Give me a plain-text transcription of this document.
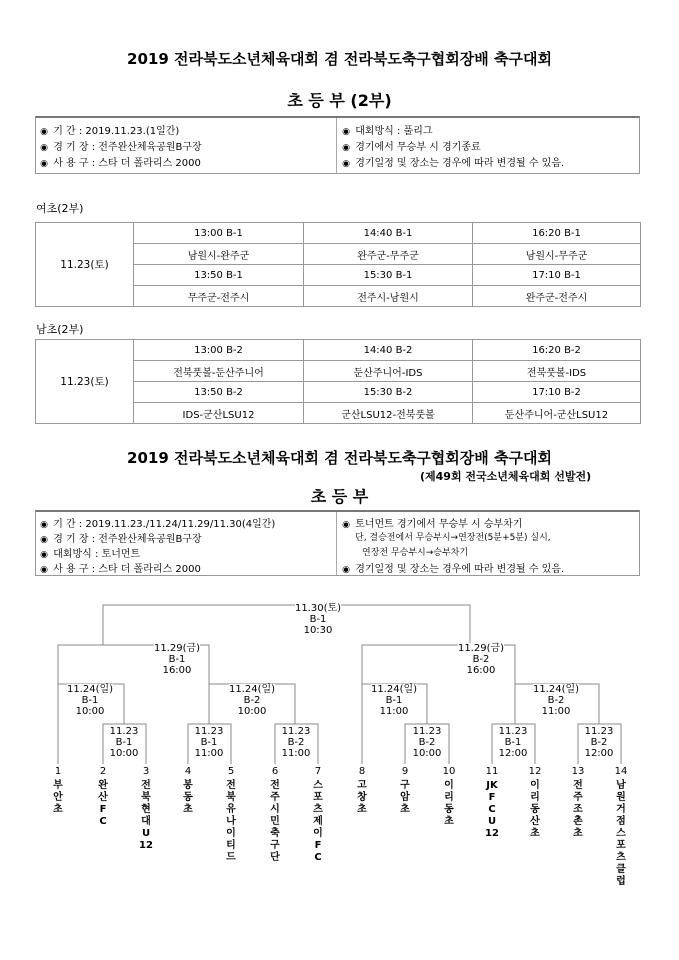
2019 전라북도소년체육대회 겸 전라북도축구협회장배 축구대회
초 등 부 (2부)
◉ 기 간 : 2019.11.23.(1일간)
◉ 경 기 장 : 전주완산체육공원B구장
◉ 사 용 구 : 스타 더 폴라리스 2000
◉ 대회방식 : 풀리그
◉ 경기에서 무승부 시 경기종료
◉ 경기일정 및 장소는 경우에 따라 변경될 수 있음.
여초(2부)
11.23(토)	13:00 B-1	14:40 B-1	16:20 B-1
	남원시-완주군	완주군-무주군	남원시-무주군
	13:50 B-1	15:30 B-1	17:10 B-1
	무주군-전주시	전주시-남원시	완주군-전주시
남초(2부)
11.23(토)	13:00 B-2	14:40 B-2	16:20 B-2
	전북풋볼-둔산주니어	둔산주니어-IDS	전북풋볼-IDS
	13:50 B-2	15:30 B-2	17:10 B-2
	IDS-군산LSU12	군산LSU12-전북풋볼	둔산주니어-군산LSU12
2019 전라북도소년체육대회 겸 전라북도축구협회장배 축구대회
(제49회 전국소년체육대회 선발전)
초 등 부
◉ 기 간 : 2019.11.23./11.24/11.29/11.30(4일간)
◉ 경 기 장 : 전주완산체육공원B구장
◉ 대회방식 : 토너먼트
◉ 사 용 구 : 스타 더 폴라리스 2000
◉ 토너먼트 경기에서 무승부 시 승부차기
단, 결승전에서 무승부시→연장전(5분+5분) 실시,
연장전 무승부시→승부차기
◉ 경기일정 및 장소는 경우에 따라 변경될 수 있음.
11.30(토)
B-1
10:30
11.29(금)
B-1
16:00
11.29(금)
B-2
16:00
11.24(일)
B-1
10:00
11.24(일)
B-2
10:00
11.24(일)
B-1
11:00
11.24(일)
B-2
11:00
11.23
B-1
10:00
11.23
B-1
11:00
11.23
B-2
11:00
11.23
B-2
10:00
11.23
B-1
12:00
11.23
B-2
12:00
1
부안초
2
완산FC
3
전북현대U12
4
봉동초
5
전북유나이티드
6
전주시민축구단
7
스포츠제이FC
8
고창초
9
구암초
10
이리동초
11
JKFCU12
12
이리동산초
13
전주조촌초
14
남원거점스포츠클럽
